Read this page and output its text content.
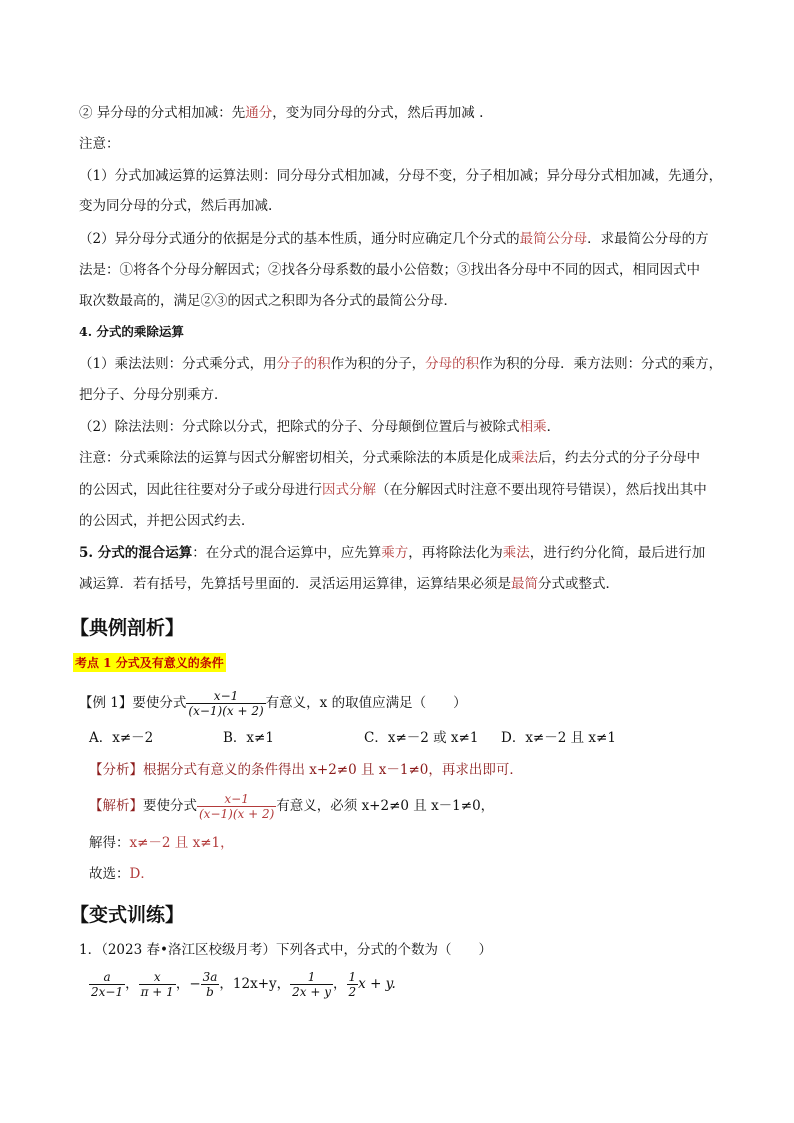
② 异分母的分式相加减：先通分，变为同分母的分式，然后再加减 .
注意：
（1）分式加减运算的运算法则：同分母分式相加减，分母不变，分子相加减；异分母分式相加减，先通分，
变为同分母的分式，然后再加减.
（2）异分母分式通分的依据是分式的基本性质，通分时应确定几个分式的最简公分母．求最简公分母的方
法是：①将各个分母分解因式；②找各分母系数的最小公倍数；③找出各分母中不同的因式，相同因式中
取次数最高的，满足②③的因式之积即为各分式的最简公分母．
4. 分式的乘除运算
（1）乘法法则：分式乘分式，用分子的积作为积的分子，分母的积作为积的分母．乘方法则：分式的乘方，
把分子、分母分别乘方．
（2）除法法则：分式除以分式，把除式的分子、分母颠倒位置后与被除式相乘．
注意：分式乘除法的运算与因式分解密切相关，分式乘除法的本质是化成乘法后，约去分式的分子分母中
的公因式，因此往往要对分子或分母进行因式分解（在分解因式时注意不要出现符号错误），然后找出其中
的公因式，并把公因式约去．
5. 分式的混合运算：在分式的混合运算中，应先算乘方，再将除法化为乘法，进行约分化简，最后进行加
减运算．若有括号，先算括号里面的．灵活运用运算律，运算结果必须是最简分式或整式．
【典例剖析】
考点 1 分式及有意义的条件
【例 1】要使分式 $\frac{x-1}{(x-1)(x + 2)}$ 有意义，x 的取值应满足（　　）
A．x≠－2	B．x≠1	C．x≠－2 或 x≠1 D．x≠－2 且 x≠1
【分析】根据分式有意义的条件得出 x+2≠0 且 x－1≠0，再求出即可．
【解析】要使分式 $\frac{x-1}{(x-1)(x + 2)}$ 有意义，必须 x+2≠0 且 x－1≠0，
解得：x≠－2 且 x≠1，
故选：D．
【变式训练】
1．（2023 春•洛江区校级月考）下列各式中，分式的个数为（　　）
$\frac{a}{2x-1}$ ， $\frac{x}{\pi + 1}$ ，− $\frac{3a}{b}$ ，12x+y， $\frac{1}{2x + y}$ ， $\frac{1}{2}$ x + y.
